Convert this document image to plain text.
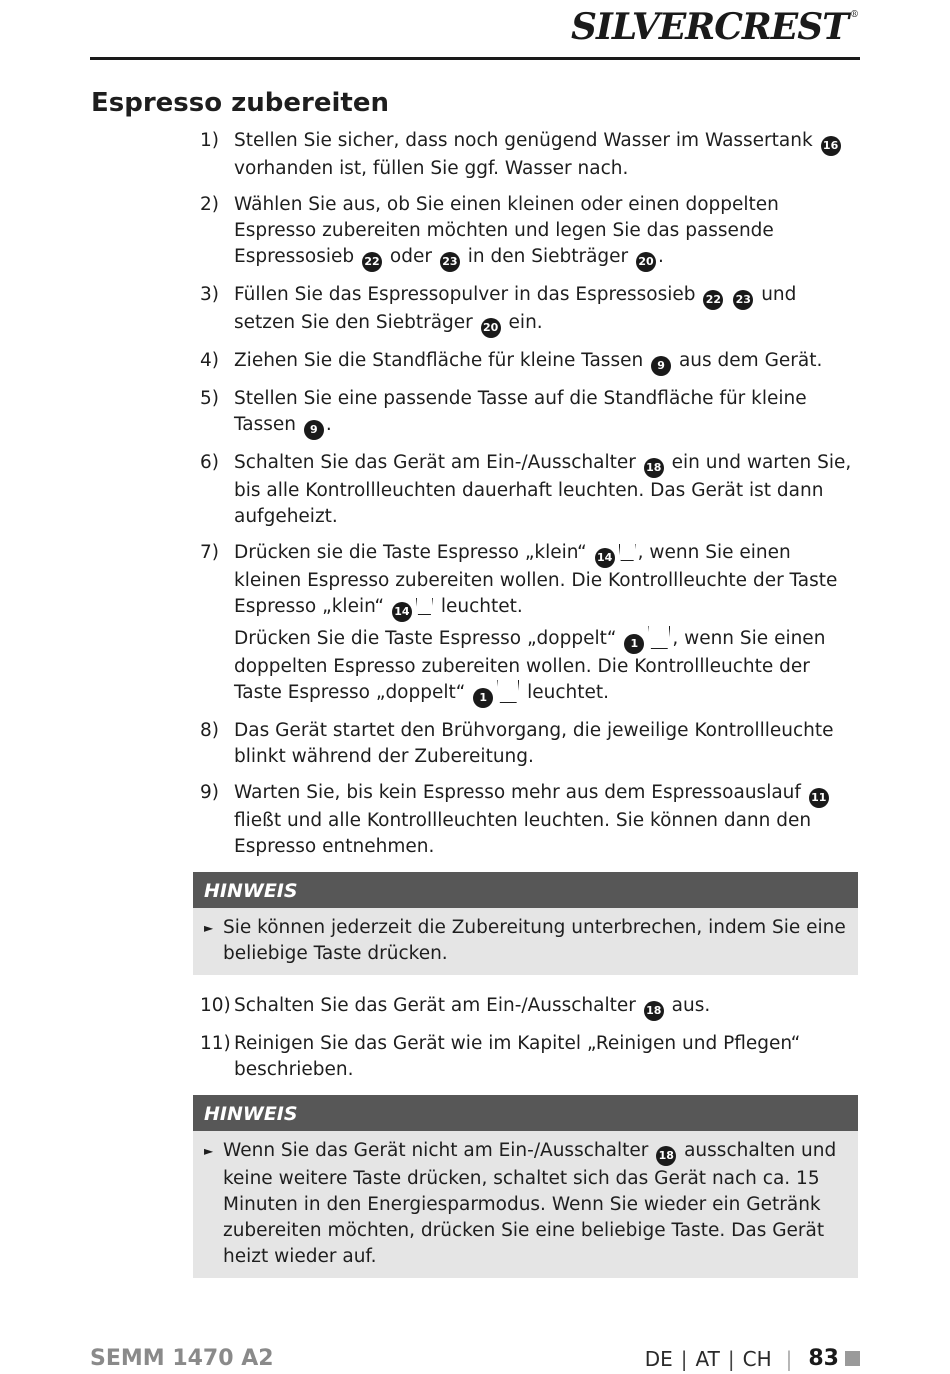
SILVERCREST ®
Espresso zubereiten
1) Stellen Sie sicher, dass noch genügend Wasser im Wassertank 16 vorhanden ist, füllen Sie ggf. Wasser nach.
2) Wählen Sie aus, ob Sie einen kleinen oder einen doppelten Espresso zubereiten möchten und legen Sie das passende Espressosieb 22 oder 23 in den Siebträger 20 .
3) Füllen Sie das Espressopulver in das Espressosieb 22 23 und setzen Sie den Siebträger 20 ein.
4) Ziehen Sie die Standfläche für kleine Tassen 9 aus dem Gerät.
5) Stellen Sie eine passende Tasse auf die Standfläche für kleine Tassen 9 .
6) Schalten Sie das Gerät am Ein-/Ausschalter 18 ein und warten Sie, bis alle Kontrollleuchten dauerhaft leuchten. Das Gerät ist dann aufgeheizt.
7) Drücken sie die Taste Espresso „klein“ 14 , wenn Sie einen kleinen Espresso zubereiten wollen. Die Kontrollleuchte der Taste Espresso „klein“ 14 leuchtet.
Drücken Sie die Taste Espresso „doppelt“ 1 , wenn Sie einen doppelten Espresso zubereiten wollen. Die Kontrollleuchte der Taste Espresso „doppelt“ 1 leuchtet.
8) Das Gerät startet den Brühvorgang, die jeweilige Kontrollleuchte blinkt während der Zubereitung.
9) Warten Sie, bis kein Espresso mehr aus dem Espressoauslauf 11 fließt und alle Kontrollleuchten leuchten. Sie können dann den Espresso entnehmen.
HINWEIS
► Sie können jederzeit die Zubereitung unterbrechen, indem Sie eine beliebige Taste drücken.
10) Schalten Sie das Gerät am Ein-/Ausschalter 18 aus.
11) Reinigen Sie das Gerät wie im Kapitel „Reinigen und Pflegen“ beschrieben.
HINWEIS
► Wenn Sie das Gerät nicht am Ein-/Ausschalter 18 ausschalten und keine weitere Taste drücken, schaltet sich das Gerät nach ca. 15 Minuten in den Energiesparmodus. Wenn Sie wieder ein Getränk zubereiten möchten, drücken Sie eine beliebige Taste. Das Gerät heizt wieder auf.
SEMM 1470 A2	DE | AT | CH | 83
